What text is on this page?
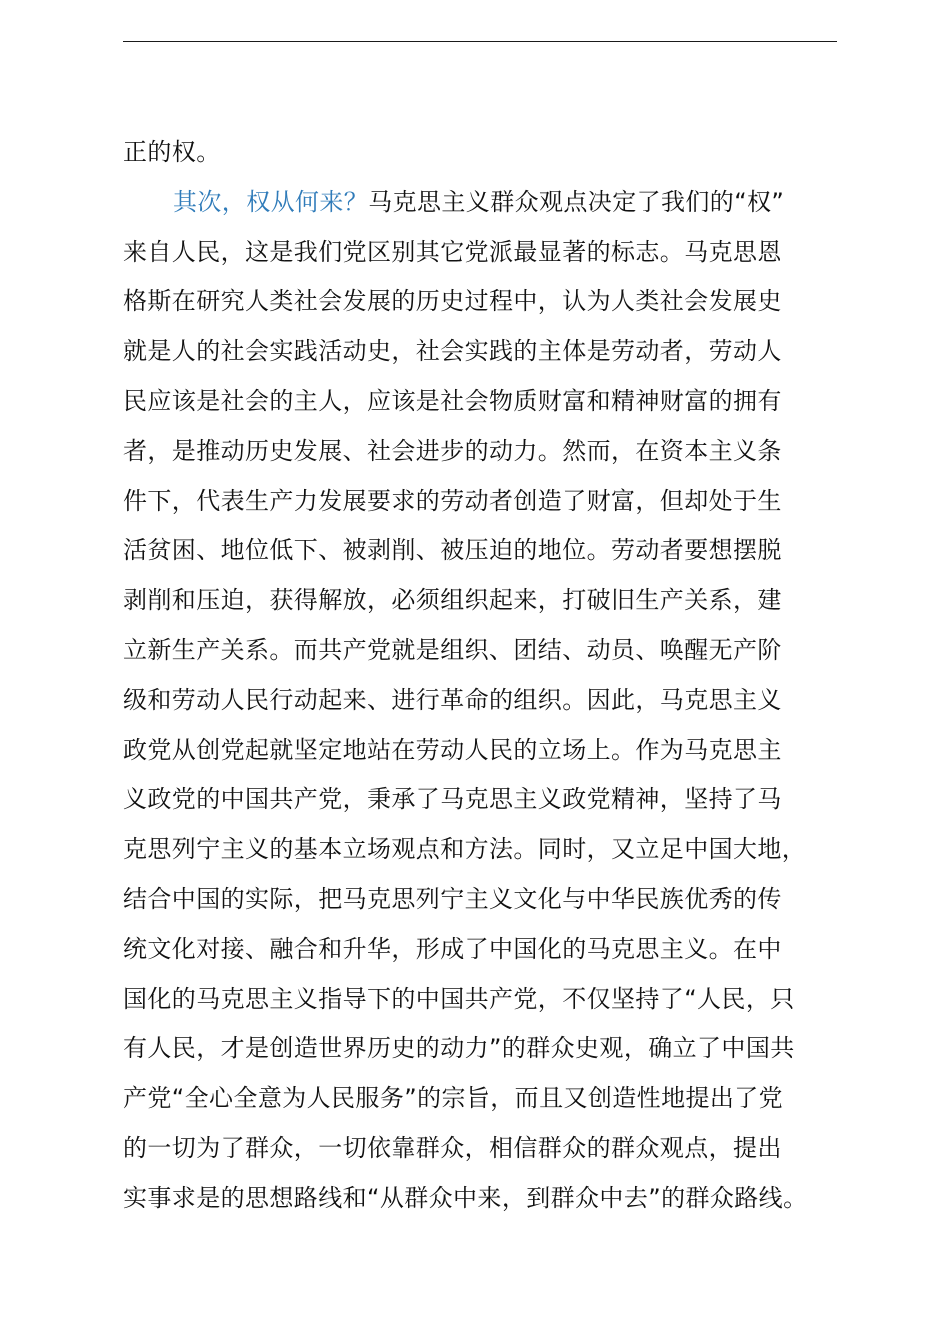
正的权。
其次，权从何来？马克思主义群众观点决定了我们的“权”
来自人民，这是我们党区别其它党派最显著的标志。马克思恩
格斯在研究人类社会发展的历史过程中，认为人类社会发展史
就是人的社会实践活动史，社会实践的主体是劳动者，劳动人
民应该是社会的主人，应该是社会物质财富和精神财富的拥有
者，是推动历史发展、社会进步的动力。然而，在资本主义条
件下，代表生产力发展要求的劳动者创造了财富，但却处于生
活贫困、地位低下、被剥削、被压迫的地位。劳动者要想摆脱
剥削和压迫，获得解放，必须组织起来，打破旧生产关系，建
立新生产关系。而共产党就是组织、团结、动员、唤醒无产阶
级和劳动人民行动起来、进行革命的组织。因此，马克思主义
政党从创党起就坚定地站在劳动人民的立场上。作为马克思主
义政党的中国共产党，秉承了马克思主义政党精神，坚持了马
克思列宁主义的基本立场观点和方法。同时，又立足中国大地，
结合中国的实际，把马克思列宁主义文化与中华民族优秀的传
统文化对接、融合和升华，形成了中国化的马克思主义。在中
国化的马克思主义指导下的中国共产党，不仅坚持了“人民，只
有人民，才是创造世界历史的动力”的群众史观，确立了中国共
产党“全心全意为人民服务”的宗旨，而且又创造性地提出了党
的一切为了群众，一切依靠群众，相信群众的群众观点，提出
实事求是的思想路线和“从群众中来，到群众中去”的群众路线。
